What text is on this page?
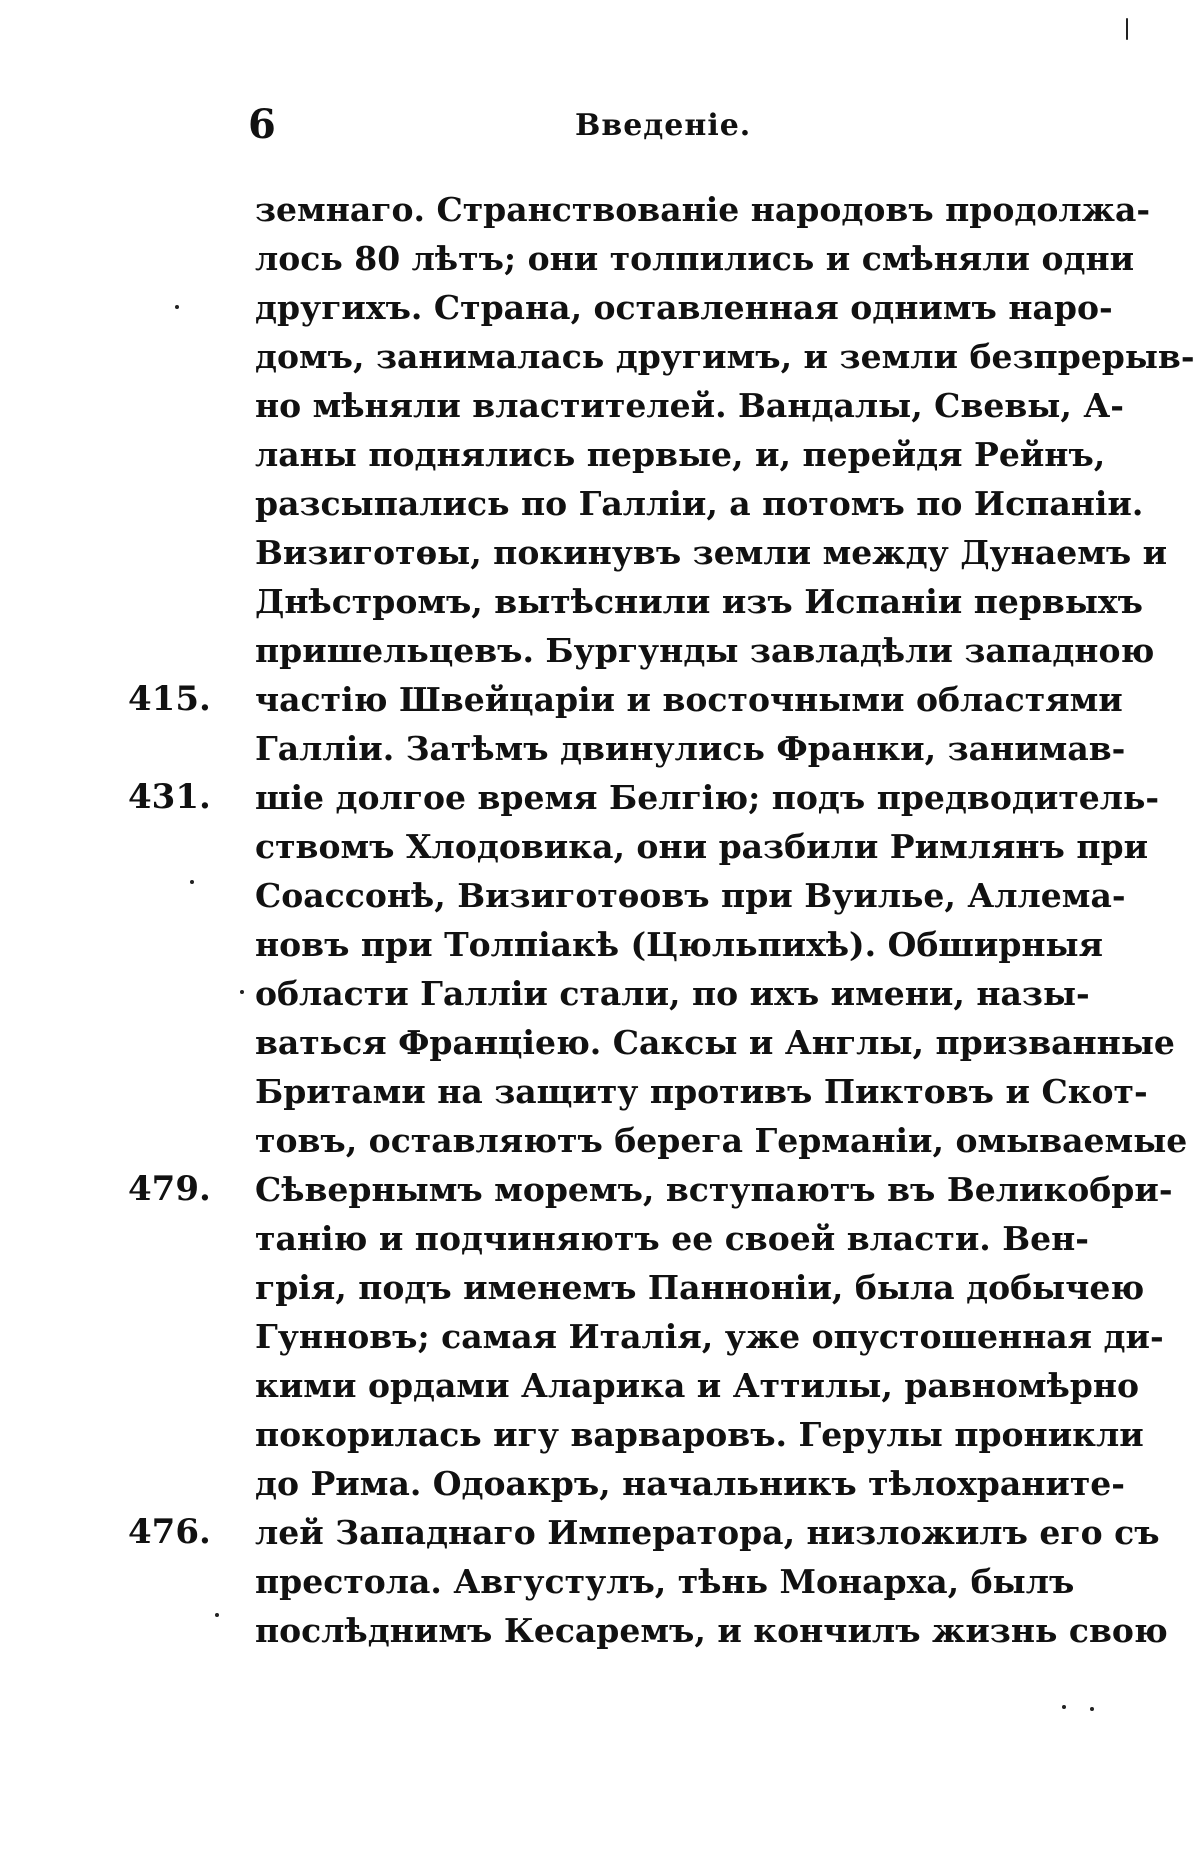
6	Введеніе.
415.
431.
479.
476.
земнаго. Странствованіе народовъ продолжа-
лось 80 лѣтъ; они толпились и смѣняли одни
другихъ. Страна, оставленная однимъ наро-
домъ, занималась другимъ, и земли безпрерыв-
но мѣняли властителей. Вандалы, Свевы, А-
ланы поднялись первые, и, перейдя Рейнъ,
разсыпались по Галліи, а потомъ по Испаніи.
Визиготѳы, покинувъ земли между Дунаемъ и
Днѣстромъ, вытѣснили изъ Испаніи первыхъ
пришельцевъ. Бургунды завладѣли западною
частію Швейцаріи и восточными областями
Галліи. Затѣмъ двинулись Франки, занимав-
шіе долгое время Белгію; подъ предводитель-
ствомъ Хлодовика, они разбили Римлянъ при
Соассонѣ, Визиготѳовъ при Вуилье, Аллема-
новъ при Толпіакѣ (Цюльпихѣ). Обширныя
области Галліи стали, по ихъ имени, назы-
ваться Франціею. Саксы и Англы, призванные
Бритами на защиту противъ Пиктовъ и Скот-
товъ, оставляютъ берега Германіи, омываемые
Сѣвернымъ моремъ, вступаютъ въ Великобри-
танію и подчиняютъ ее своей власти. Вен-
грія, подъ именемъ Панноніи, была добычею
Гунновъ; самая Италія, уже опустошенная ди-
кими ордами Аларика и Аттилы, равномѣрно
покорилась игу варваровъ. Герулы проникли
до Рима. Одоакръ, начальникъ тѣлохраните-
лей Западнаго Императора, низложилъ его съ
престола. Августулъ, тѣнь Монарха, былъ
послѣднимъ Кесаремъ, и кончилъ жизнь свою
